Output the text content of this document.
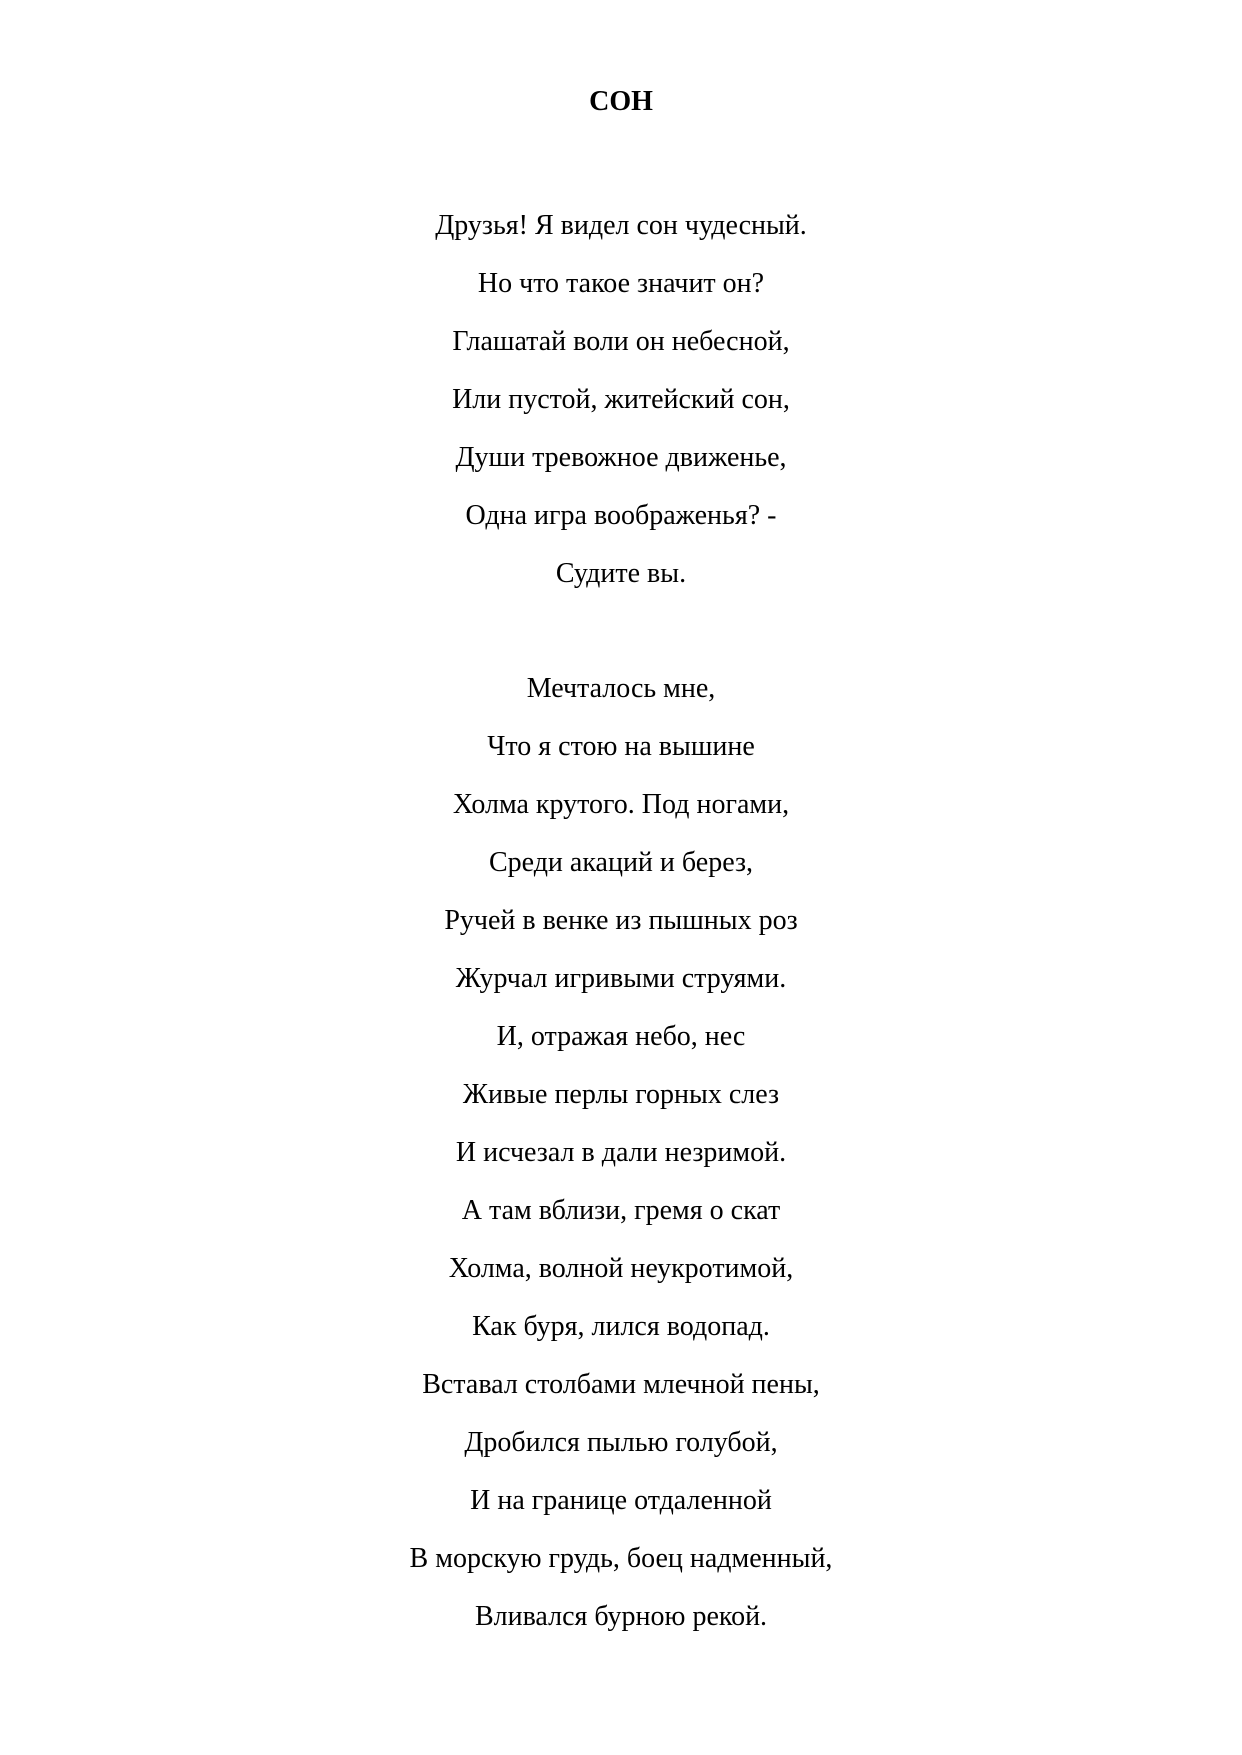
СОН
Друзья! Я видел сон чудесный.
Но что такое значит он?
Глашатай воли он небесной,
Или пустой, житейский сон,
Души тревожное движенье,
Одна игра воображенья? -
Судите вы.
Мечталось мне,
Что я стою на вышине
Холма крутого. Под ногами,
Среди акаций и берез,
Ручей в венке из пышных роз
Журчал игривыми струями.
И, отражая небо, нес
Живые перлы горных слез
И исчезал в дали незримой.
А там вблизи, гремя о скат
Холма, волной неукротимой,
Как буря, лился водопад.
Вставал столбами млечной пены,
Дробился пылью голубой,
И на границе отдаленной
В морскую грудь, боец надменный,
Вливался бурною рекой.
